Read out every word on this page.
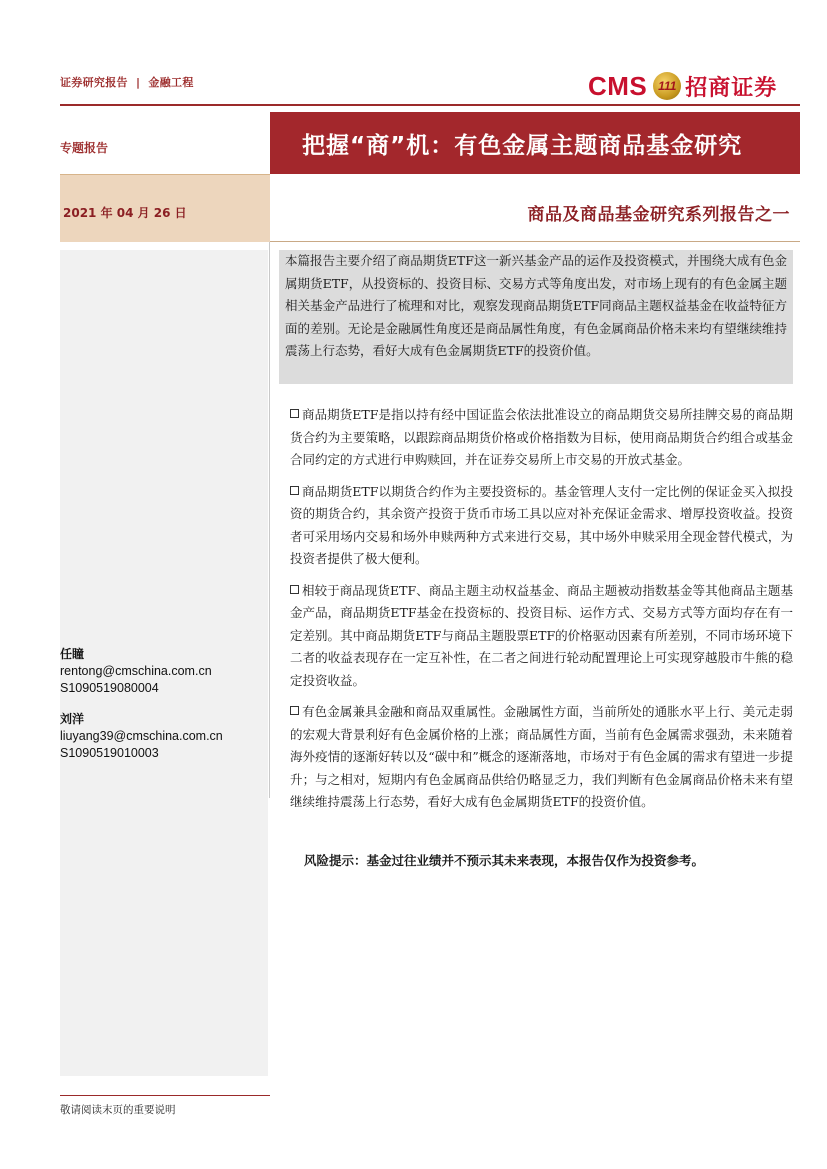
证券研究报告 | 金融工程	CMS 111 招商证券
把握“商”机：有色金属主题商品基金研究
专题报告
2021 年 04 月 26 日	商品及商品基金研究系列报告之一

本篇报告主要介绍了商品期货ETF这一新兴基金产品的运作及投资模式，并围绕大成有色金属期货ETF，从投资标的、投资目标、交易方式等角度出发，对市场上现有的有色金属主题相关基金产品进行了梳理和对比，观察发现商品期货ETF同商品主题权益基金在收益特征方面的差别。无论是金融属性角度还是商品属性角度，有色金属商品价格未来均有望继续维持震荡上行态势，看好大成有色金属期货ETF的投资价值。

商品期货ETF是指以持有经中国证监会依法批准设立的商品期货交易所挂牌交易的商品期货合约为主要策略，以跟踪商品期货价格或价格指数为目标，使用商品期货合约组合或基金合同约定的方式进行申购赎回，并在证券交易所上市交易的开放式基金。

商品期货ETF以期货合约作为主要投资标的。基金管理人支付一定比例的保证金买入拟投资的期货合约，其余资产投资于货币市场工具以应对补充保证金需求、增厚投资收益。投资者可采用场内交易和场外申赎两种方式来进行交易，其中场外申赎采用全现金替代模式，为投资者提供了极大便利。

相较于商品现货ETF、商品主题主动权益基金、商品主题被动指数基金等其他商品主题基金产品，商品期货ETF基金在投资标的、投资目标、运作方式、交易方式等方面均存在有一定差别。其中商品期货ETF与商品主题股票ETF的价格驱动因素有所差别，不同市场环境下二者的收益表现存在一定互补性，在二者之间进行轮动配置理论上可实现穿越股市牛熊的稳定投资收益。

有色金属兼具金融和商品双重属性。金融属性方面，当前所处的通胀水平上行、美元走弱的宏观大背景利好有色金属价格的上涨；商品属性方面，当前有色金属需求强劲，未来随着海外疫情的逐渐好转以及“碳中和”概念的逐渐落地，市场对于有色金属的需求有望进一步提升；与之相对，短期内有色金属商品供给仍略显乏力，我们判断有色金属商品价格未来有望继续维持震荡上行态势，看好大成有色金属期货ETF的投资价值。

风险提示：基金过往业绩并不预示其未来表现，本报告仅作为投资参考。
任瞳
rentong@cmschina.com.cn
S1090519080004
刘洋
liuyang39@cmschina.com.cn
S1090519010003
敬请阅读末页的重要说明
